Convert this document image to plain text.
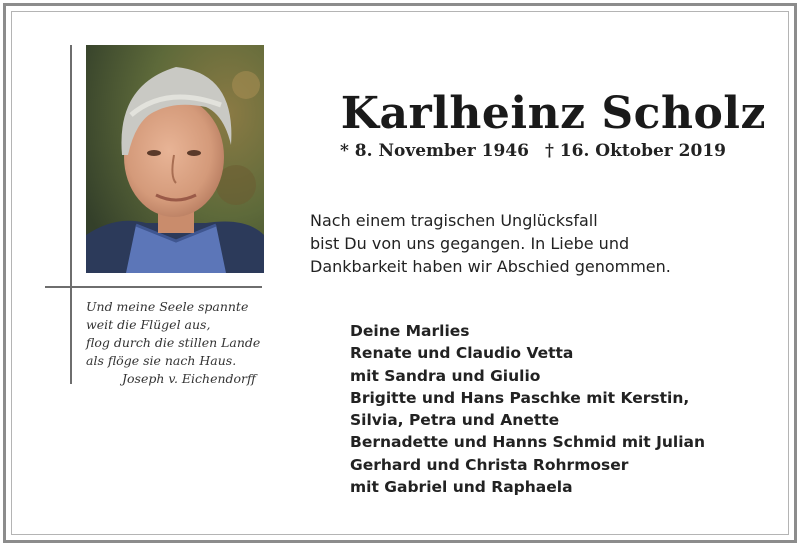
Karlheinz Scholz
* 8. November 1946 † 16. Oktober 2019
Nach einem tragischen Unglücksfall
bist Du von uns gegangen. In Liebe und
Dankbarkeit haben wir Abschied genommen.
Und meine Seele spannte
weit die Flügel aus,
flog durch die stillen Lande
als flöge sie nach Haus.
Joseph v. Eichendorff
Deine Marlies
Renate und Claudio Vetta
mit Sandra und Giulio
Brigitte und Hans Paschke mit Kerstin,
Silvia, Petra und Anette
Bernadette und Hanns Schmid mit Julian
Gerhard und Christa Rohrmoser
mit Gabriel und Raphaela
